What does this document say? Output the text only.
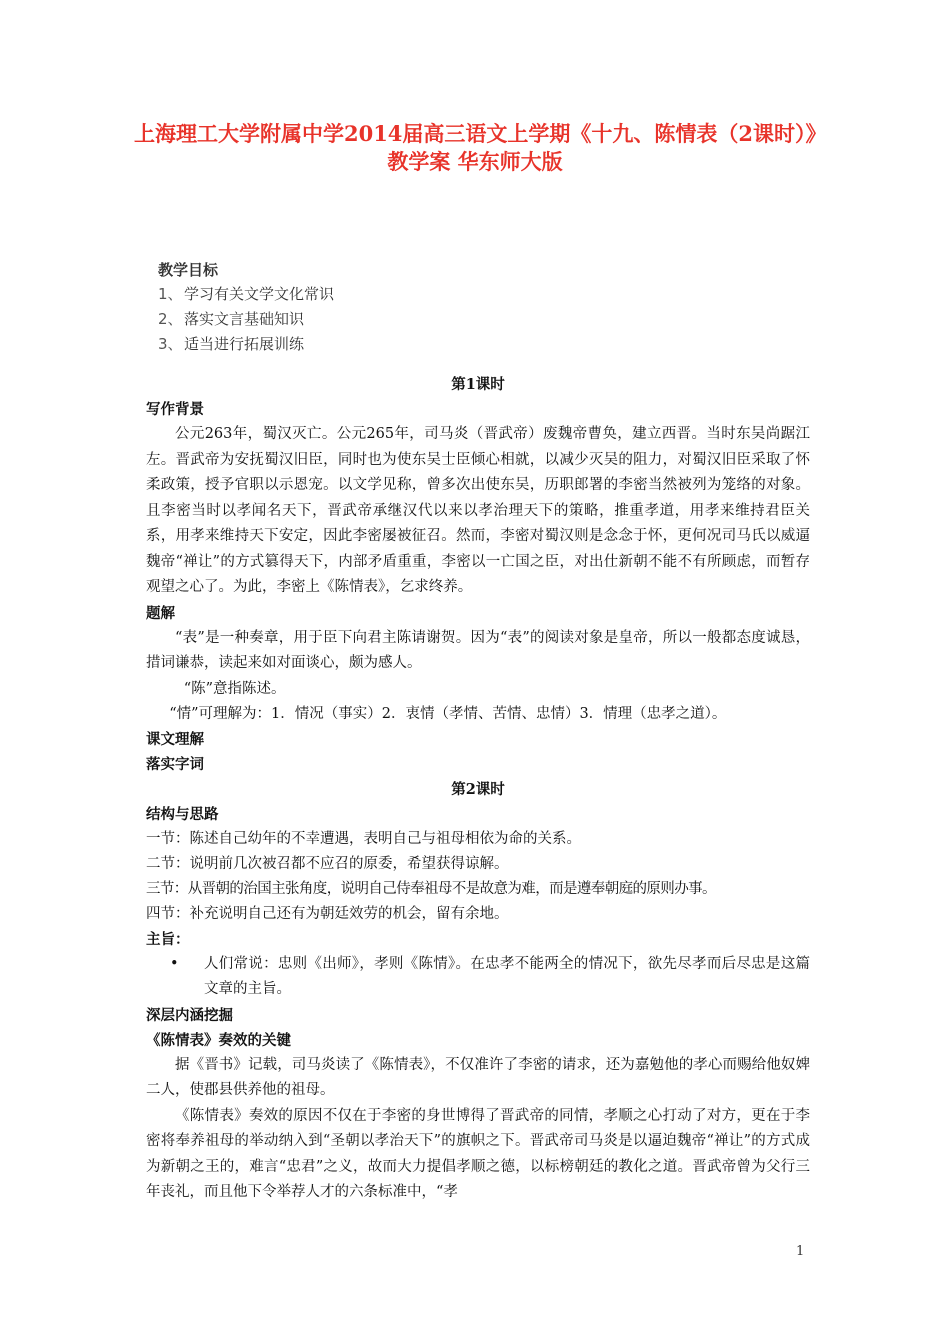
上海理工大学附属中学2014届高三语文上学期《十九、陈情表（2课时）》教学案 华东师大版
教学目标
1、学习有关文学文化常识
2、落实文言基础知识
3、适当进行拓展训练
第1课时
写作背景

公元263年，蜀汉灭亡。公元265年，司马炎（晋武帝）废魏帝曹奂，建立西晋。当时东吴尚踞江左。晋武帝为安抚蜀汉旧臣，同时也为使东吴士臣倾心相就，以减少灭吴的阻力，对蜀汉旧臣采取了怀柔政策，授予官职以示恩宠。以文学见称，曾多次出使东吴，历职郎署的李密当然被列为笼络的对象。且李密当时以孝闻名天下，晋武帝承继汉代以来以孝治理天下的策略，推重孝道，用孝来维持君臣关系，用孝来维持天下安定，因此李密屡被征召。然而，李密对蜀汉则是念念于怀，更何况司马氏以威逼魏帝“禅让”的方式篡得天下，内部矛盾重重，李密以一亡国之臣，对出仕新朝不能不有所顾虑，而暂存观望之心了。为此，李密上《陈情表》，乞求终养。

题解

“表”是一种奏章，用于臣下向君主陈请谢贺。因为“表”的阅读对象是皇帝，所以一般都态度诚恳，措词谦恭，读起来如对面谈心，颇为感人。

“陈”意指陈述。
“情”可理解为：1．情况（事实）2．衷情（孝情、苦情、忠情）3．情理（忠孝之道）。
课文理解
落实字词
第2课时
结构与思路
一节：陈述自己幼年的不幸遭遇，表明自己与祖母相依为命的关系。
二节：说明前几次被召都不应召的原委，希望获得谅解。
三节：从晋朝的治国主张角度，说明自己侍奉祖母不是故意为难，而是遵奉朝庭的原则办事。
四节：补充说明自己还有为朝廷效劳的机会，留有余地。
主旨：
•	人们常说：忠则《出师》，孝则《陈情》。在忠孝不能两全的情况下，欲先尽孝而后尽忠是这篇文章的主旨。
深层内涵挖掘
《陈情表》奏效的关键

据《晋书》记载，司马炎读了《陈情表》，不仅准许了李密的请求，还为嘉勉他的孝心而赐给他奴婢二人，使郡县供养他的祖母。

《陈情表》奏效的原因不仅在于李密的身世博得了晋武帝的同情，孝顺之心打动了对方，更在于李密将奉养祖母的举动纳入到“圣朝以孝治天下”的旗帜之下。晋武帝司马炎是以逼迫魏帝“禅让”的方式成为新朝之王的，难言“忠君”之义，故而大力提倡孝顺之德，以标榜朝廷的教化之道。晋武帝曾为父行三年丧礼，而且他下令举荐人才的六条标准中，“孝

1
